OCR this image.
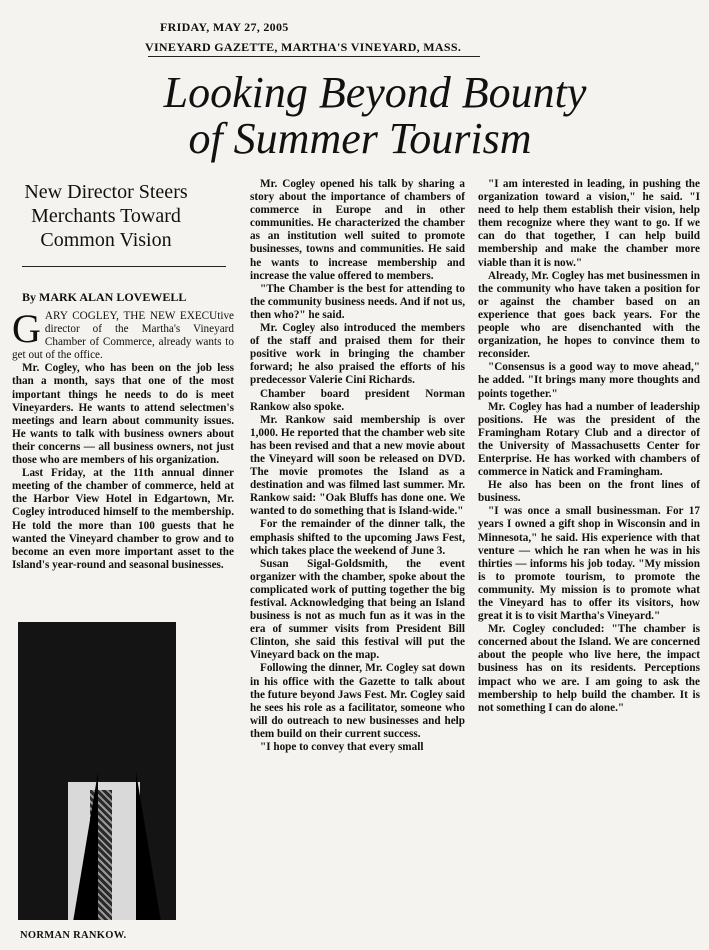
FRIDAY, MAY 27, 2005
VINEYARD GAZETTE, MARTHA'S VINEYARD, MASS.
Looking Beyond Bounty
of Summer Tourism
New Director Steers Merchants Toward Common Vision
By MARK ALAN LOVEWELL

GARY COGLEY, THE NEW EXECUtive director of the Martha's Vineyard Chamber of Commerce, already wants to get out of the office.

Mr. Cogley, who has been on the job less than a month, says that one of the most important things he needs to do is meet Vineyarders. He wants to attend selectmen's meetings and learn about community issues. He wants to talk with business owners about their concerns — all business owners, not just those who are members of his organization.

Last Friday, at the 11th annual dinner meeting of the chamber of commerce, held at the Harbor View Hotel in Edgartown, Mr. Cogley introduced himself to the membership. He told the more than 100 guests that he wanted the Vineyard chamber to grow and to become an even more important asset to the Island's year-round and seasonal businesses.

NORMAN RANKOW.

Mr. Cogley opened his talk by sharing a story about the importance of chambers of commerce in Europe and in other communities. He characterized the chamber as an institution well suited to promote businesses, towns and communities. He said he wants to increase membership and increase the value offered to members.

"The Chamber is the best for attending to the community business needs. And if not us, then who?" he said.

Mr. Cogley also introduced the members of the staff and praised them for their positive work in bringing the chamber forward; he also praised the efforts of his predecessor Valerie Cini Richards.

Chamber board president Norman Rankow also spoke.

Mr. Rankow said membership is over 1,000. He reported that the chamber web site has been revised and that a new movie about the Vineyard will soon be released on DVD. The movie promotes the Island as a destination and was filmed last summer. Mr. Rankow said: "Oak Bluffs has done one. We wanted to do something that is Island-wide."

For the remainder of the dinner talk, the emphasis shifted to the upcoming Jaws Fest, which takes place the weekend of June 3.

Susan Sigal-Goldsmith, the event organizer with the chamber, spoke about the complicated work of putting together the big festival. Acknowledging that being an Island business is not as much fun as it was in the era of summer visits from President Bill Clinton, she said this festival will put the Vineyard back on the map.

Following the dinner, Mr. Cogley sat down in his office with the Gazette to talk about the future beyond Jaws Fest. Mr. Cogley said he sees his role as a facilitator, someone who will do outreach to new businesses and help them build on their current success.

"I hope to convey that every small

"I am interested in leading, in pushing the organization toward a vision," he said. "I need to help them establish their vision, help them recognize where they want to go. If we can do that together, I can help build membership and make the chamber more viable than it is now."

Already, Mr. Cogley has met businessmen in the community who have taken a position for or against the chamber based on an experience that goes back years. For the people who are disenchanted with the organization, he hopes to convince them to reconsider.

"Consensus is a good way to move ahead," he added. "It brings many more thoughts and points together."

Mr. Cogley has had a number of leadership positions. He was the president of the Framingham Rotary Club and a director of the University of Massachusetts Center for Enterprise. He has worked with chambers of commerce in Natick and Framingham.

He also has been on the front lines of business.

"I was once a small businessman. For 17 years I owned a gift shop in Wisconsin and in Minnesota," he said. His experience with that venture — which he ran when he was in his thirties — informs his job today. "My mission is to promote tourism, to promote the community. My mission is to promote what the Vineyard has to offer its visitors, how great it is to visit Martha's Vineyard."

Mr. Cogley concluded: "The chamber is concerned about the Island. We are concerned about the people who live here, the impact business has on its residents. Perceptions impact who we are. I am going to ask the membership to help build the chamber. It is not something I can do alone."
